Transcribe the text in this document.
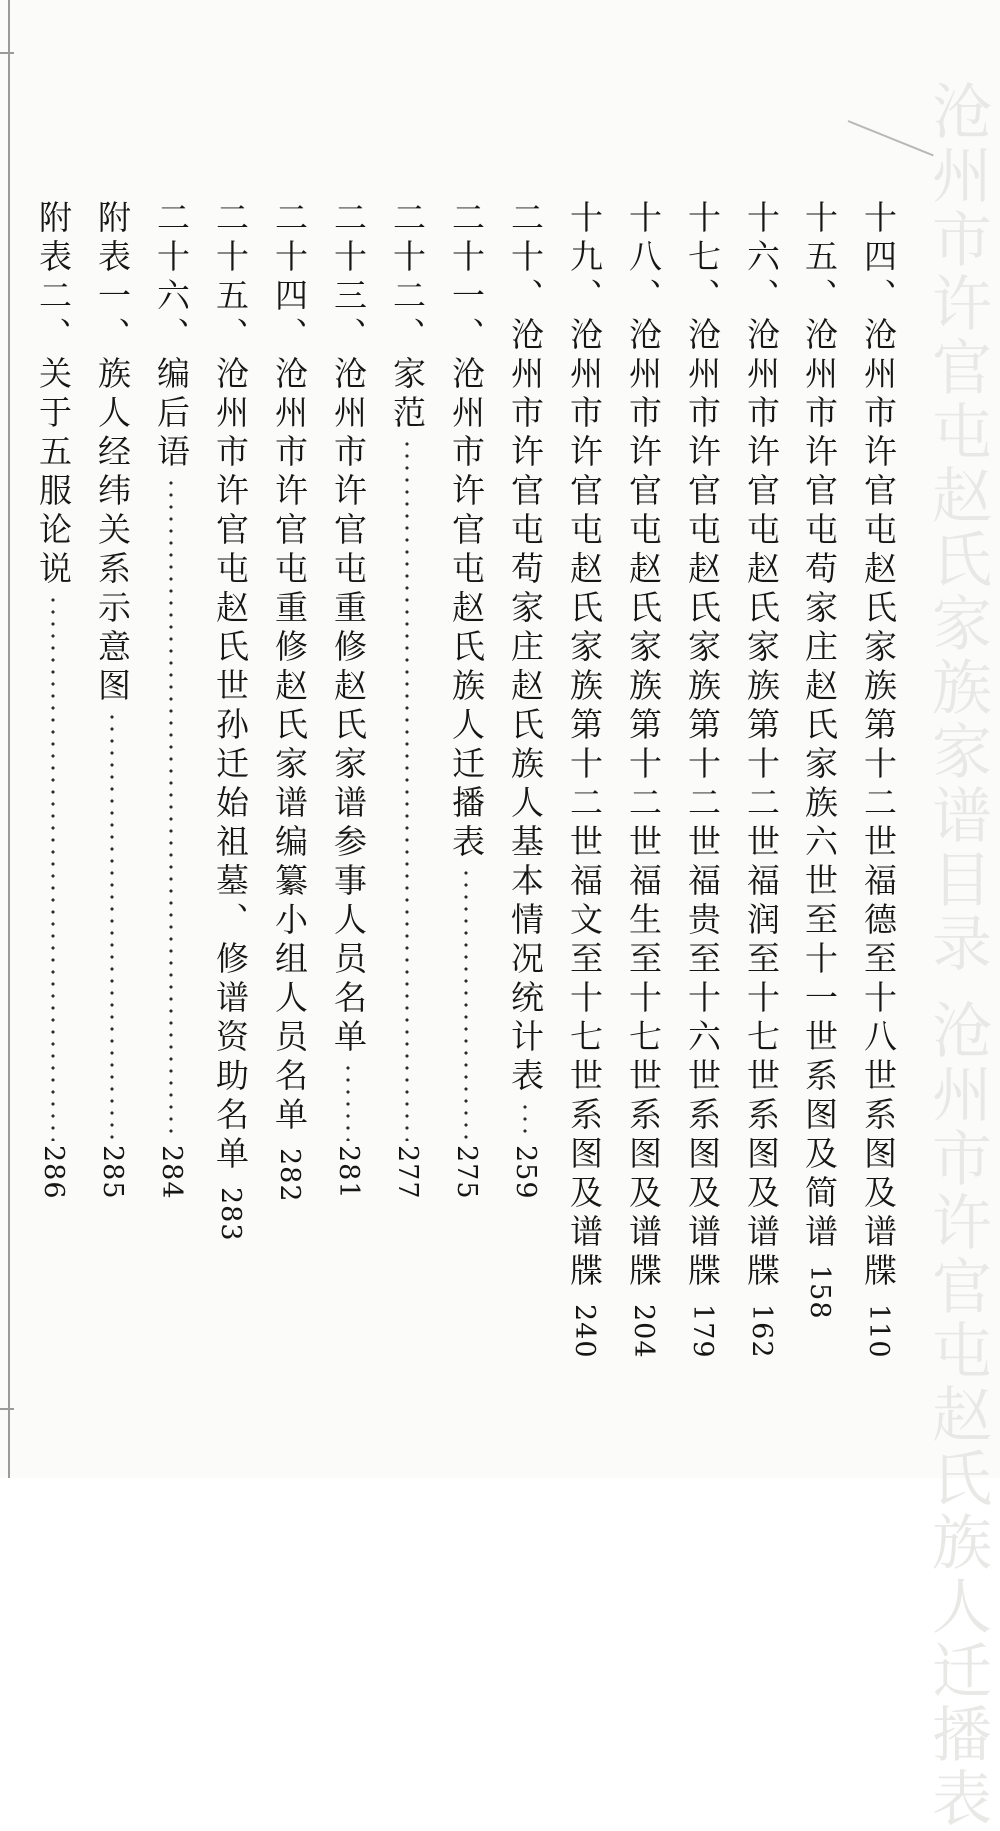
沧州市许官屯赵氏家族家谱目录 沧州市许官屯赵氏族人迁播表
十四、
沧州市许官屯赵氏家族第十二世福德至十八世系图及谱牒
110
十五、
沧州市许官屯苟家庄赵氏家族六世至十一世系图及简谱
158
十六、
沧州市许官屯赵氏家族第十二世福润至十七世系图及谱牒
162
十七、
沧州市许官屯赵氏家族第十二世福贵至十六世系图及谱牒
179
十八、
沧州市许官屯赵氏家族第十二世福生至十七世系图及谱牒
204
十九、
沧州市许官屯赵氏家族第十二世福文至十七世系图及谱牒
240
二十、
沧州市许官屯苟家庄赵氏族人基本情况统计表
259
二十一、
沧州市许官屯赵氏族人迁播表
275
二十二、
家范
277
二十三、
沧州市许官屯重修赵氏家谱参事人员名单
281
二十四、
沧州市许官屯重修赵氏家谱编纂小组人员名单
282
二十五、
沧州市许官屯赵氏世孙迁始祖墓、修谱资助名单
283
二十六、
编后语
284
附表一、
族人经纬关系示意图
285
附表二、
关于五服论说
286
